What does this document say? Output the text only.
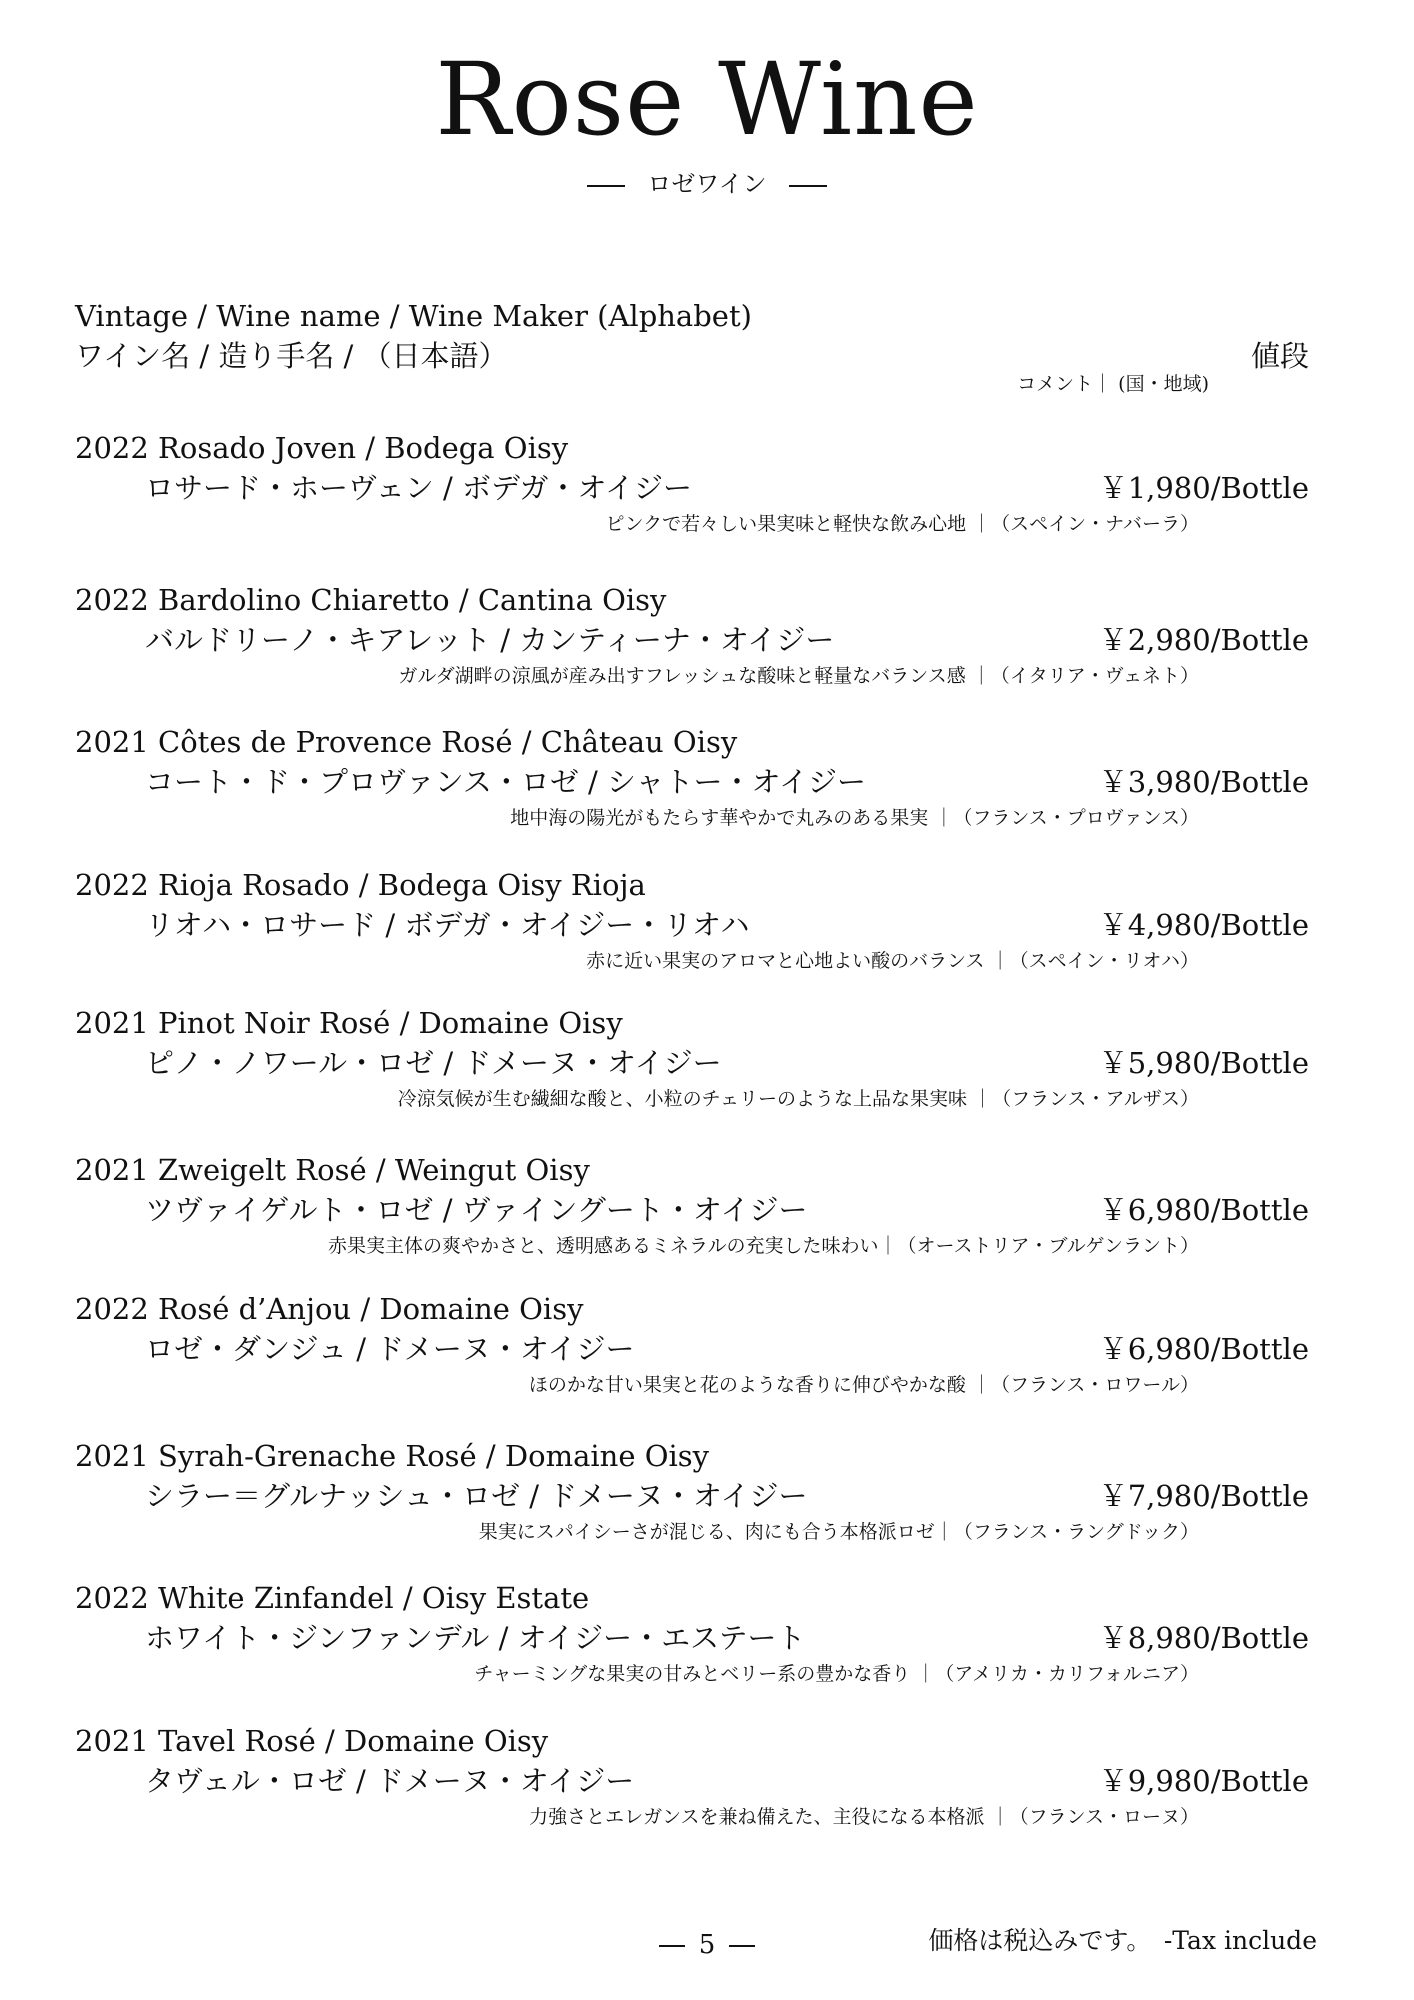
Rose Wine
ロゼワイン
Vintage / Wine name / Wine Maker (Alphabet)
ワイン名 / 造り手名 / （日本語）	値段
コメント｜ (国・地域)
2022 Rosado Joven / Bodega Oisy
ロサード・ホーヴェン / ボデガ・オイジー	￥1,980/Bottle
ピンクで若々しい果実味と軽快な飲み心地 ｜（スペイン・ナバーラ）
2022 Bardolino Chiaretto / Cantina Oisy
バルドリーノ・キアレット / カンティーナ・オイジー	￥2,980/Bottle
ガルダ湖畔の涼風が産み出すフレッシュな酸味と軽量なバランス感 ｜（イタリア・ヴェネト）
2021 Côtes de Provence Rosé / Château Oisy
コート・ド・プロヴァンス・ロゼ / シャトー・オイジー	￥3,980/Bottle
地中海の陽光がもたらす華やかで丸みのある果実 ｜（フランス・プロヴァンス）
2022 Rioja Rosado / Bodega Oisy Rioja
リオハ・ロサード / ボデガ・オイジー・リオハ	￥4,980/Bottle
赤に近い果実のアロマと心地よい酸のバランス ｜（スペイン・リオハ）
2021 Pinot Noir Rosé / Domaine Oisy
ピノ・ノワール・ロゼ / ドメーヌ・オイジー	￥5,980/Bottle
冷涼気候が生む繊細な酸と、小粒のチェリーのような上品な果実味 ｜（フランス・アルザス）
2021 Zweigelt Rosé / Weingut Oisy
ツヴァイゲルト・ロゼ / ヴァイングート・オイジー	￥6,980/Bottle
赤果実主体の爽やかさと、透明感あるミネラルの充実した味わい｜（オーストリア・ブルゲンラント）
2022 Rosé d’Anjou / Domaine Oisy
ロゼ・ダンジュ / ドメーヌ・オイジー	￥6,980/Bottle
ほのかな甘い果実と花のような香りに伸びやかな酸 ｜（フランス・ロワール）
2021 Syrah-Grenache Rosé / Domaine Oisy
シラー＝グルナッシュ・ロゼ / ドメーヌ・オイジー	￥7,980/Bottle
果実にスパイシーさが混じる、肉にも合う本格派ロゼ｜（フランス・ラングドック）
2022 White Zinfandel / Oisy Estate
ホワイト・ジンファンデル / オイジー・エステート	￥8,980/Bottle
チャーミングな果実の甘みとベリー系の豊かな香り ｜（アメリカ・カリフォルニア）
2021 Tavel Rosé / Domaine Oisy
タヴェル・ロゼ / ドメーヌ・オイジー	￥9,980/Bottle
力強さとエレガンスを兼ね備えた、主役になる本格派 ｜（フランス・ローヌ）
5	価格は税込みです。　-Tax include
